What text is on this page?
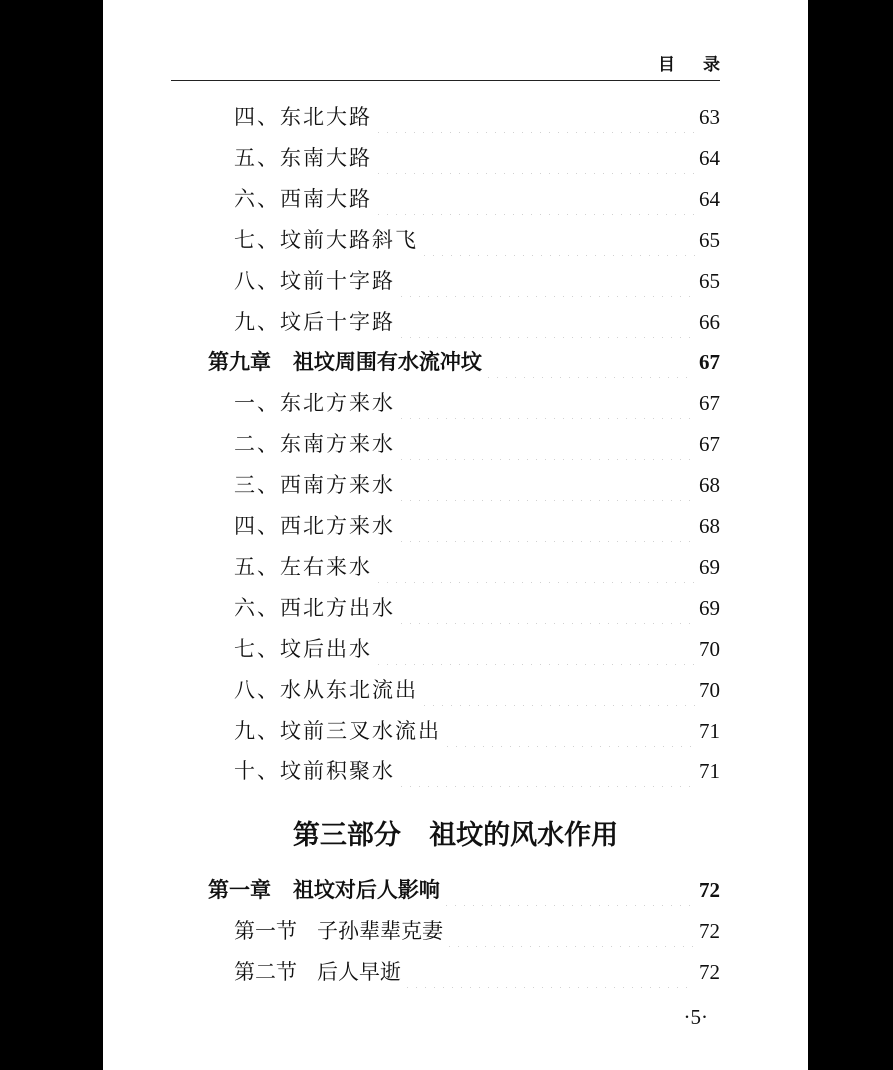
目录
四、东北大路	63
五、东南大路	64
六、西南大路	64
七、坟前大路斜飞	65
八、坟前十字路	65
九、坟后十字路	66
第九章   祖坟周围有水流冲坟	67
一、东北方来水	67
二、东南方来水	67
三、西南方来水	68
四、西北方来水	68
五、左右来水	69
六、西北方出水	69
七、坟后出水	70
八、水从东北流出	70
九、坟前三叉水流出	71
十、坟前积聚水	71
第三部分   祖坟的风水作用
第一章   祖坟对后人影响	72
第一节   子孙辈辈克妻	72
第二节   后人早逝	72
·5·
